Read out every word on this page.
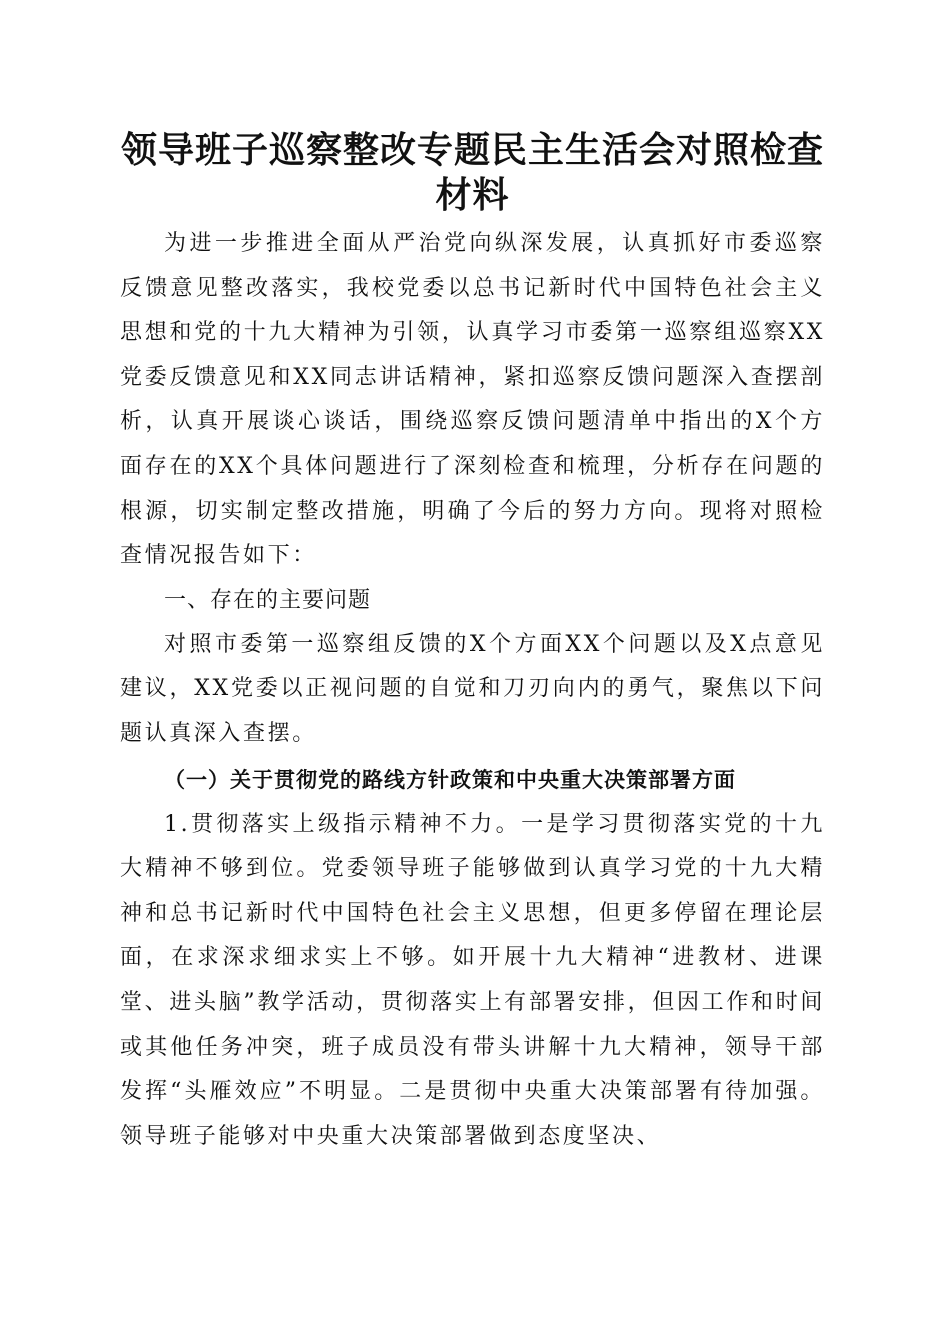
领导班子巡察整改专题民主生活会对照检查材料

为进一步推进全面从严治党向纵深发展，认真抓好市委巡察反馈意见整改落实，我校党委以总书记新时代中国特色社会主义思想和党的十九大精神为引领，认真学习市委第一巡察组巡察XX党委反馈意见和XX同志讲话精神，紧扣巡察反馈问题深入查摆剖析，认真开展谈心谈话，围绕巡察反馈问题清单中指出的X个方面存在的XX个具体问题进行了深刻检查和梳理，分析存在问题的根源，切实制定整改措施，明确了今后的努力方向。现将对照检查情况报告如下：

一、存在的主要问题

对照市委第一巡察组反馈的X个方面XX个问题以及X点意见建议，XX党委以正视问题的自觉和刀刃向内的勇气，聚焦以下问题认真深入查摆。

（一）关于贯彻党的路线方针政策和中央重大决策部署方面

1.贯彻落实上级指示精神不力。一是学习贯彻落实党的十九大精神不够到位。党委领导班子能够做到认真学习党的十九大精神和总书记新时代中国特色社会主义思想，但更多停留在理论层面，在求深求细求实上不够。如开展十九大精神“进教材、进课堂、进头脑”教学活动，贯彻落实上有部署安排，但因工作和时间或其他任务冲突，班子成员没有带头讲解十九大精神，领导干部发挥“头雁效应”不明显。二是贯彻中央重大决策部署有待加强。领导班子能够对中央重大决策部署做到态度坚决、
